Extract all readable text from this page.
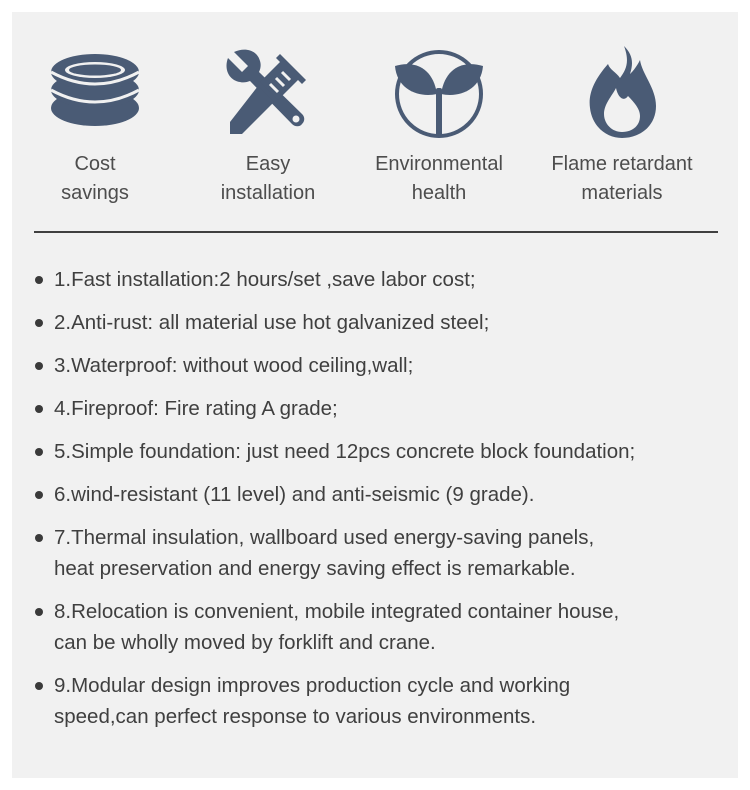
Cost
savings
Easy
installation
Environmental
health
Flame retardant
materials
1.Fast installation:2 hours/set ,save labor cost;
2.Anti-rust: all material use hot galvanized steel;
3.Waterproof: without wood ceiling,wall;
4.Fireproof: Fire rating A grade;
5.Simple foundation: just need 12pcs concrete block foundation;
6.wind-resistant (11 level) and anti-seismic (9 grade).
7.Thermal insulation, wallboard used energy-saving panels,
heat preservation and energy saving effect is remarkable.
8.Relocation is convenient, mobile integrated container house,
can be wholly moved by forklift and crane.
9.Modular design improves production cycle and working
speed,can perfect response to various environments.
